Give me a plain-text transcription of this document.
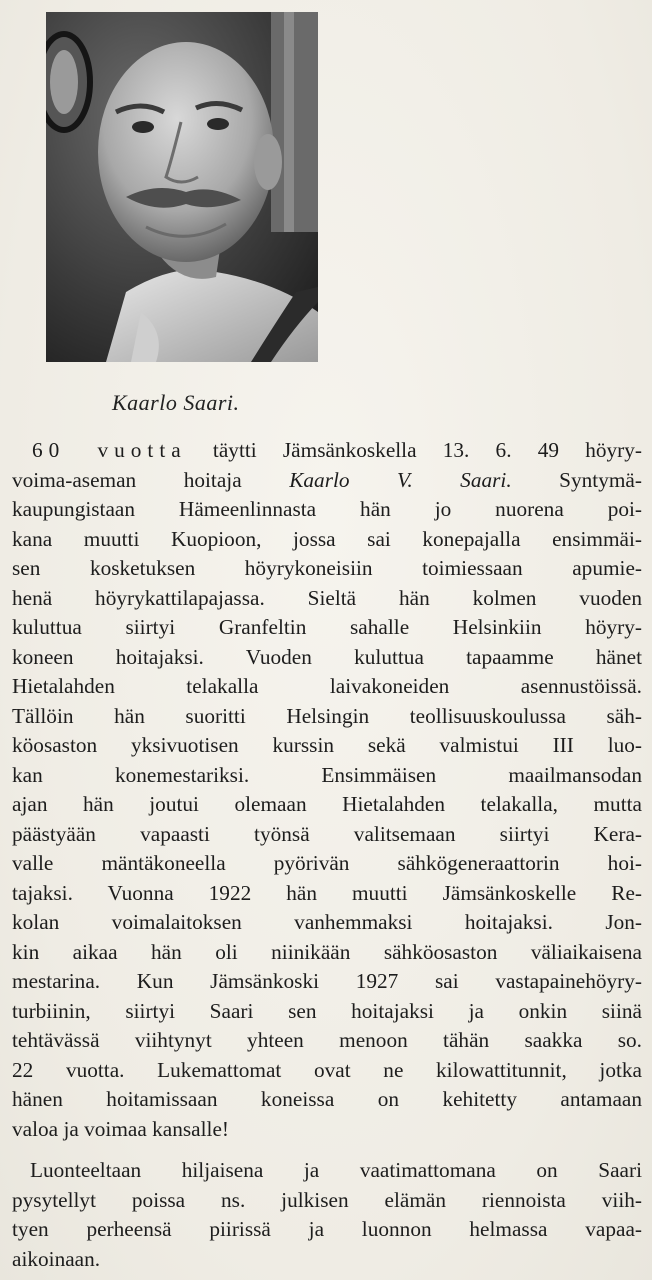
Kaarlo Saari.
60 vuotta täytti Jämsänkoskella 13. 6. 49 höyry-
voima-aseman hoitaja Kaarlo V. Saari. Syntymä-
kaupungistaan Hämeenlinnasta hän jo nuorena poi-
kana muutti Kuopioon, jossa sai konepajalla ensimmäi-
sen kosketuksen höyrykoneisiin toimiessaan apumie-
henä höyrykattilapajassa. Sieltä hän kolmen vuoden
kuluttua siirtyi Granfeltin sahalle Helsinkiin höyry-
koneen hoitajaksi. Vuoden kuluttua tapaamme hänet
Hietalahden telakalla laivakoneiden asennustöissä.
Tällöin hän suoritti Helsingin teollisuuskoulussa säh-
köosaston yksivuotisen kurssin sekä valmistui III luo-
kan konemestariksi. Ensimmäisen maailmansodan
ajan hän joutui olemaan Hietalahden telakalla, mutta
päästyään vapaasti työnsä valitsemaan siirtyi Kera-
valle mäntäkoneella pyörivän sähkögeneraattorin hoi-
tajaksi. Vuonna 1922 hän muutti Jämsänkoskelle Re-
kolan voimalaitoksen vanhemmaksi hoitajaksi. Jon-
kin aikaa hän oli niinikään sähköosaston väliaikaisena
mestarina. Kun Jämsänkoski 1927 sai vastapainehöyry-
turbiinin, siirtyi Saari sen hoitajaksi ja onkin siinä
tehtävässä viihtynyt yhteen menoon tähän saakka so.
22 vuotta. Lukemattomat ovat ne kilowattitunnit, jotka
hänen hoitamissaan koneissa on kehitetty antamaan
valoa ja voimaa kansalle!
Luonteeltaan hiljaisena ja vaatimattomana on Saari
pysytellyt poissa ns. julkisen elämän riennoista viih-
tyen perheensä piirissä ja luonnon helmassa vapaa-
aikoinaan.
